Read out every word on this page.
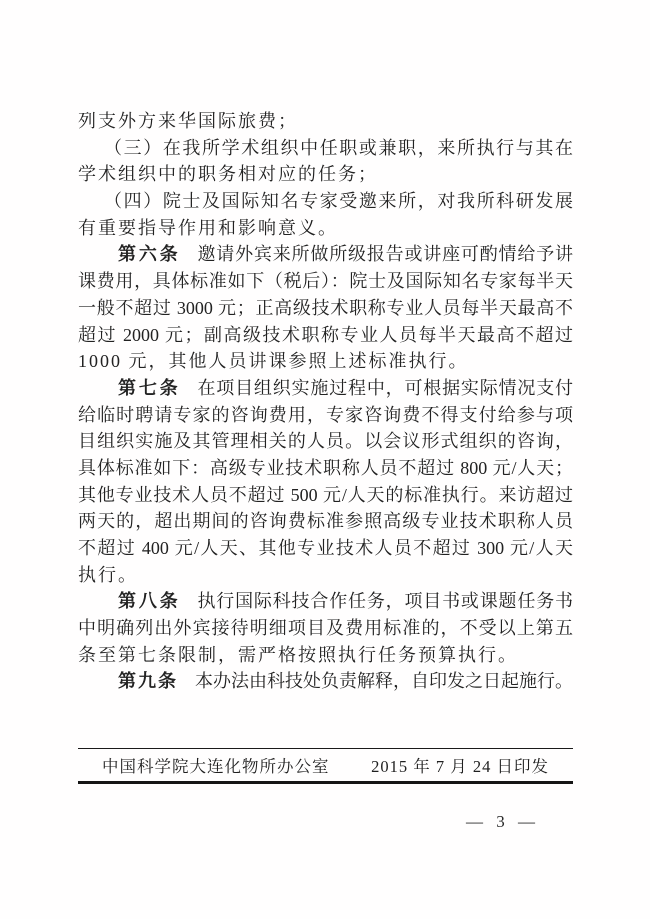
列支外方来华国际旅费；
（三）在我所学术组织中任职或兼职，来所执行与其在
学术组织中的职务相对应的任务；
（四）院士及国际知名专家受邀来所，对我所科研发展
有重要指导作用和影响意义。
第六条 邀请外宾来所做所级报告或讲座可酌情给予讲
课费用，具体标准如下（税后）：院士及国际知名专家每半天
一般不超过 3000 元；正高级技术职称专业人员每半天最高不
超过 2000 元；副高级技术职称专业人员每半天最高不超过
1000 元，其他人员讲课参照上述标准执行。
第七条 在项目组织实施过程中，可根据实际情况支付
给临时聘请专家的咨询费用，专家咨询费不得支付给参与项
目组织实施及其管理相关的人员。以会议形式组织的咨询，
具体标准如下：高级专业技术职称人员不超过 800 元/人天；
其他专业技术人员不超过 500 元/人天的标准执行。来访超过
两天的，超出期间的咨询费标准参照高级专业技术职称人员
不超过 400 元/人天、其他专业技术人员不超过 300 元/人天
执行。
第八条 执行国际科技合作任务，项目书或课题任务书
中明确列出外宾接待明细项目及费用标准的，不受以上第五
条至第七条限制，需严格按照执行任务预算执行。
第九条 本办法由科技处负责解释，自印发之日起施行。
中国科学院大连化物所办公室	2015 年 7 月 24 日印发
— 3 —
